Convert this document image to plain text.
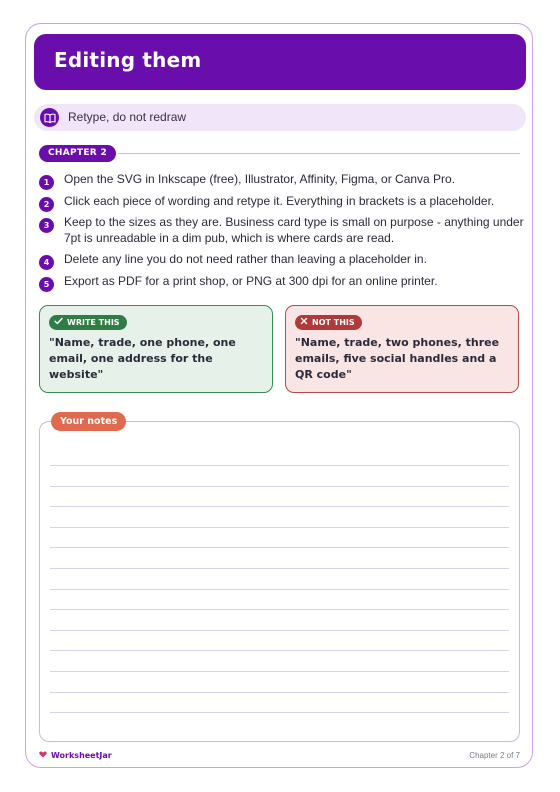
Editing them
Retype, do not redraw
CHAPTER 2
1	Open the SVG in Inkscape (free), Illustrator, Affinity, Figma, or Canva Pro.
2	Click each piece of wording and retype it. Everything in brackets is a placeholder.
3	Keep to the sizes as they are. Business card type is small on purpose - anything under 7pt is unreadable in a dim pub, which is where cards are read.
4	Delete any line you do not need rather than leaving a placeholder in.
5	Export as PDF for a print shop, or PNG at 300 dpi for an online printer.
WRITE THIS
"Name, trade, one phone, one email, one address for the website"
NOT THIS
"Name, trade, two phones, three emails, five social handles and a QR code"
Your notes
WorksheetJar	Chapter 2 of 7
